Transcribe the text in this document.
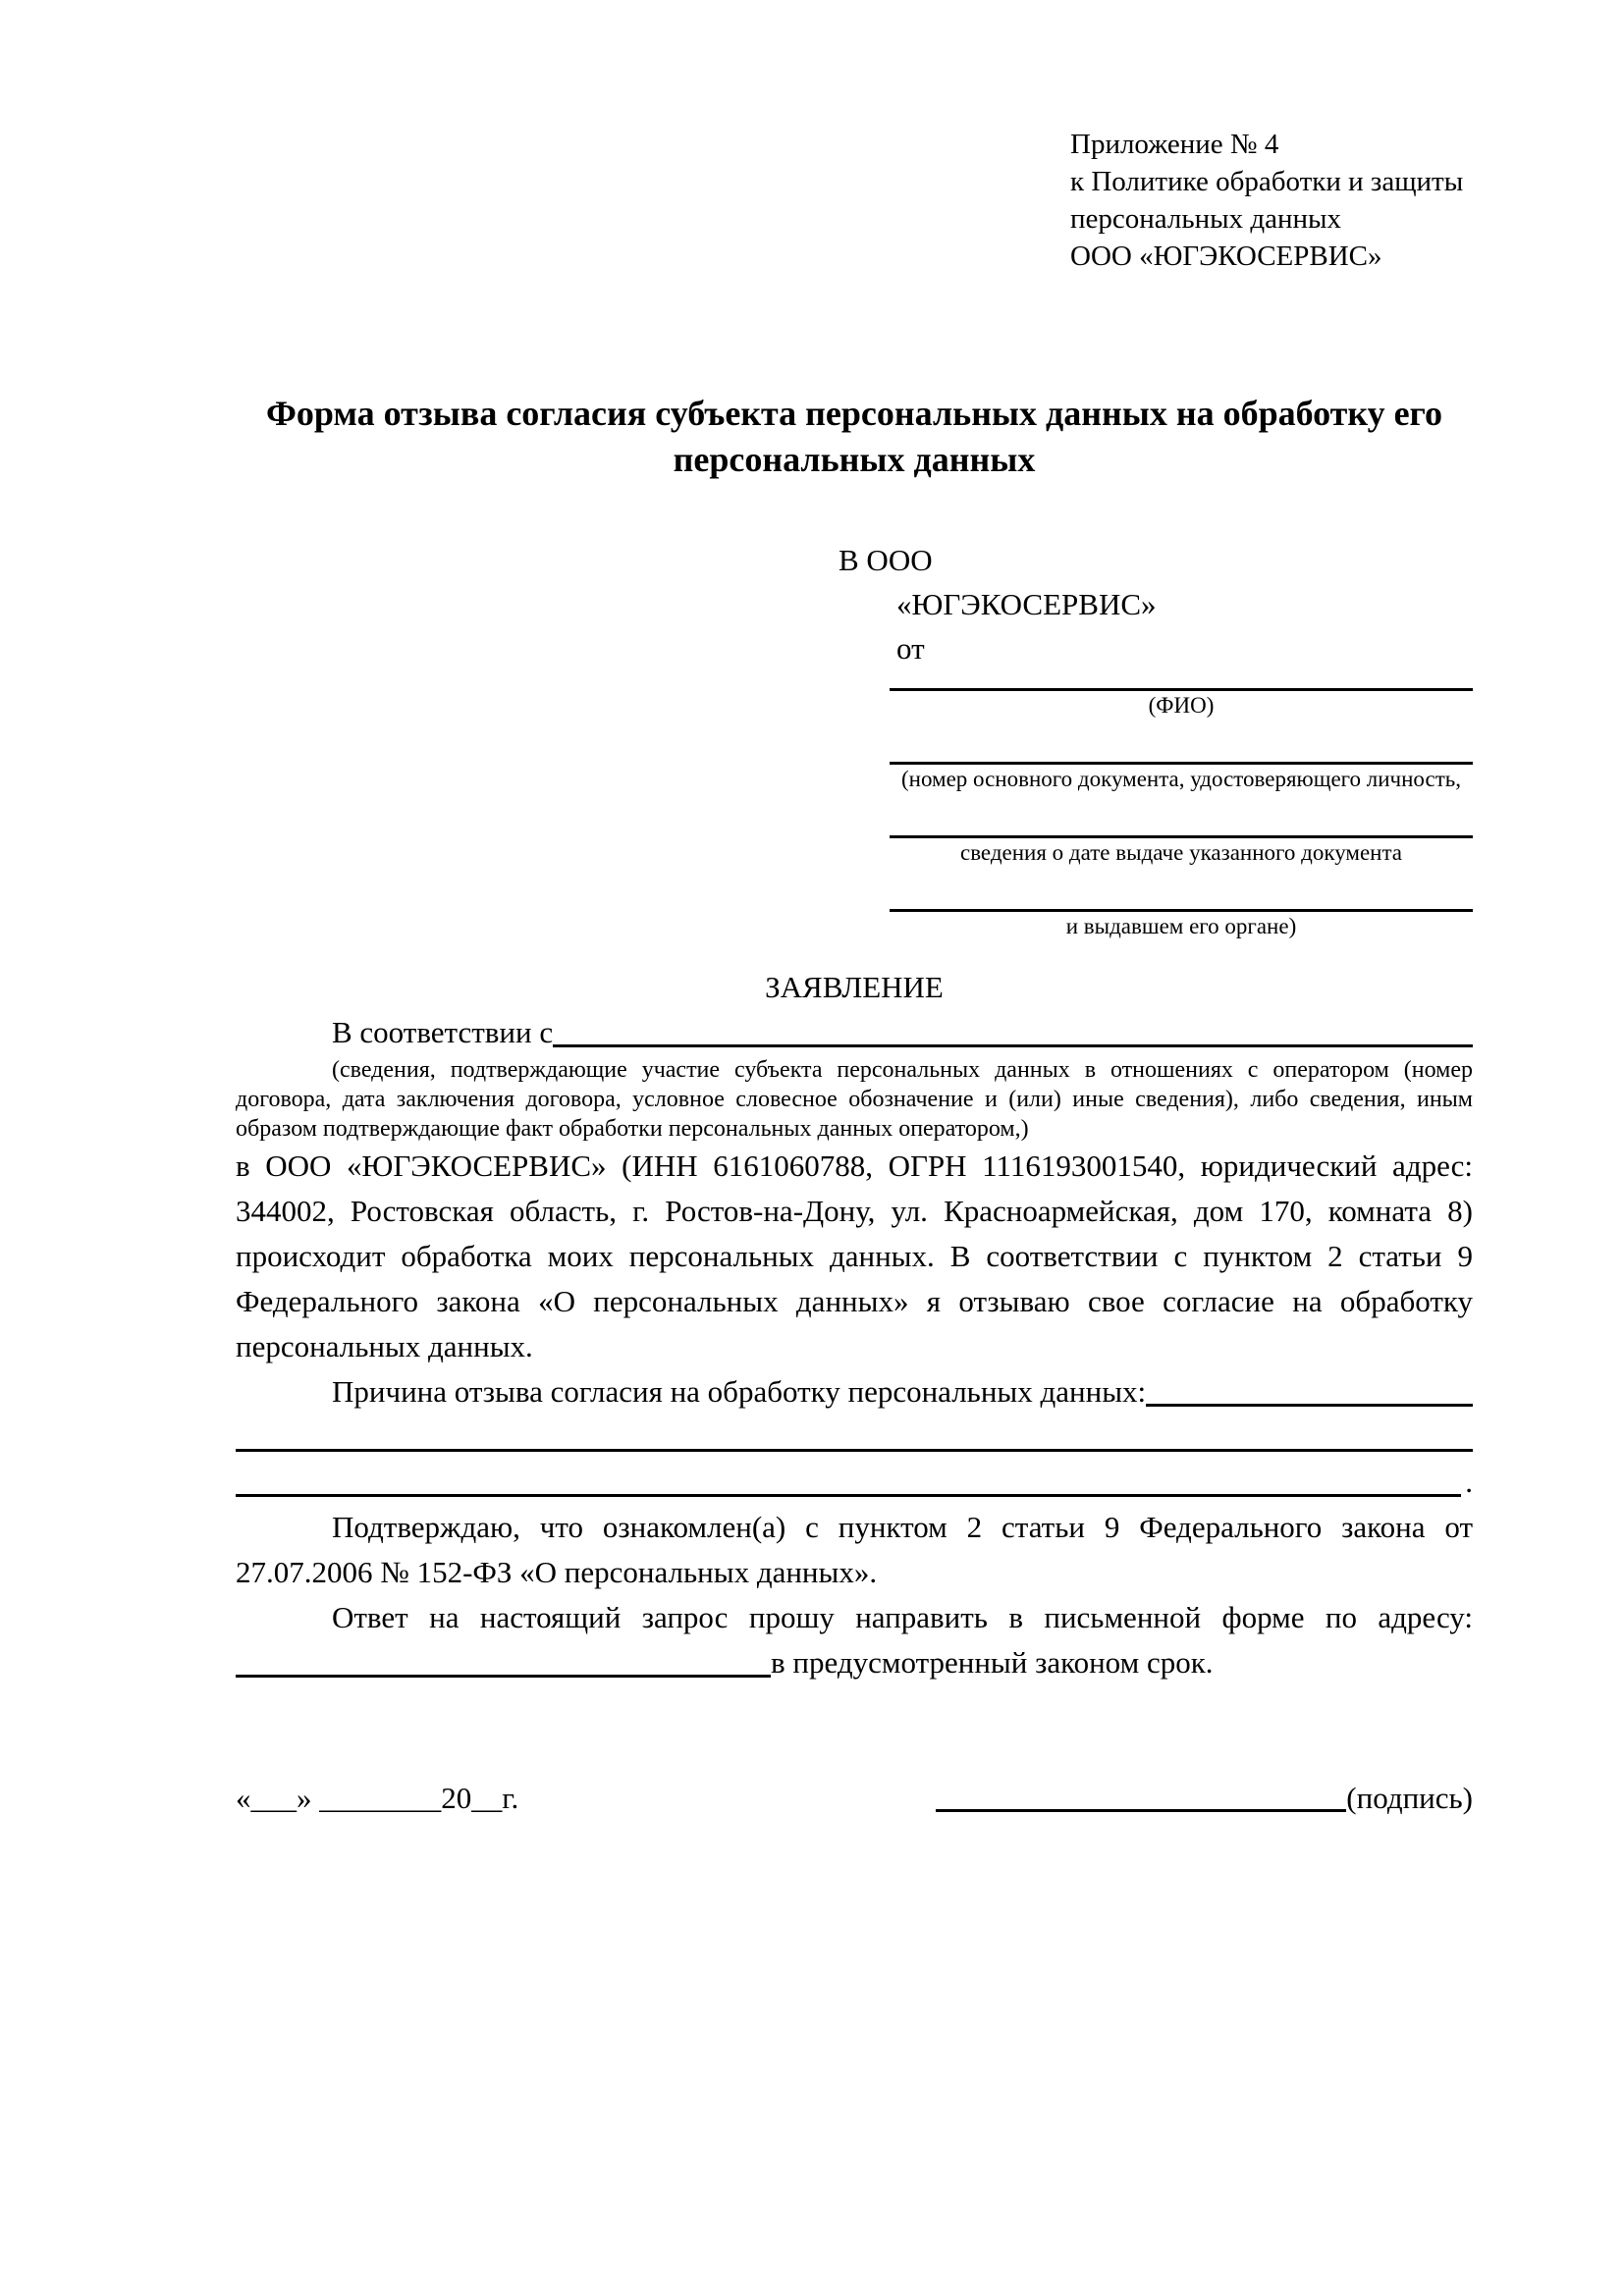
Приложение № 4
к Политике обработки и защиты
персональных данных
ООО «ЮГЭКОСЕРВИС»
Форма отзыва согласия субъекта персональных данных на обработку его персональных данных
В ООО
«ЮГЭКОСЕРВИС»
от
(ФИО)
(номер основного документа, удостоверяющего личность,
сведения о дате выдаче указанного документа
и выдавшем его органе)
ЗАЯВЛЕНИЕ
В соответствии с
(сведения, подтверждающие участие субъекта персональных данных в отношениях с оператором (номер договора, дата заключения договора, условное словесное обозначение и (или) иные сведения), либо сведения, иным образом подтверждающие факт обработки персональных данных оператором,)
в ООО «ЮГЭКОСЕРВИС» (ИНН 6161060788, ОГРН 1116193001540, юридический адрес: 344002, Ростовская область, г. Ростов-на-Дону, ул. Красноармейская, дом 170, комната 8) происходит обработка моих персональных данных. В соответствии с пунктом 2 статьи 9 Федерального закона «О персональных данных» я отзываю свое согласие на обработку персональных данных.
Причина отзыва согласия на обработку персональных данных:
.
Подтверждаю, что ознакомлен(а) с пунктом 2 статьи 9 Федерального закона от 27.07.2006 № 152-ФЗ «О персональных данных».
Ответ на настоящий запрос прошу направить в письменной форме по адресу:
в предусмотренный законом срок.
«___» ________20__г.	(подпись)
